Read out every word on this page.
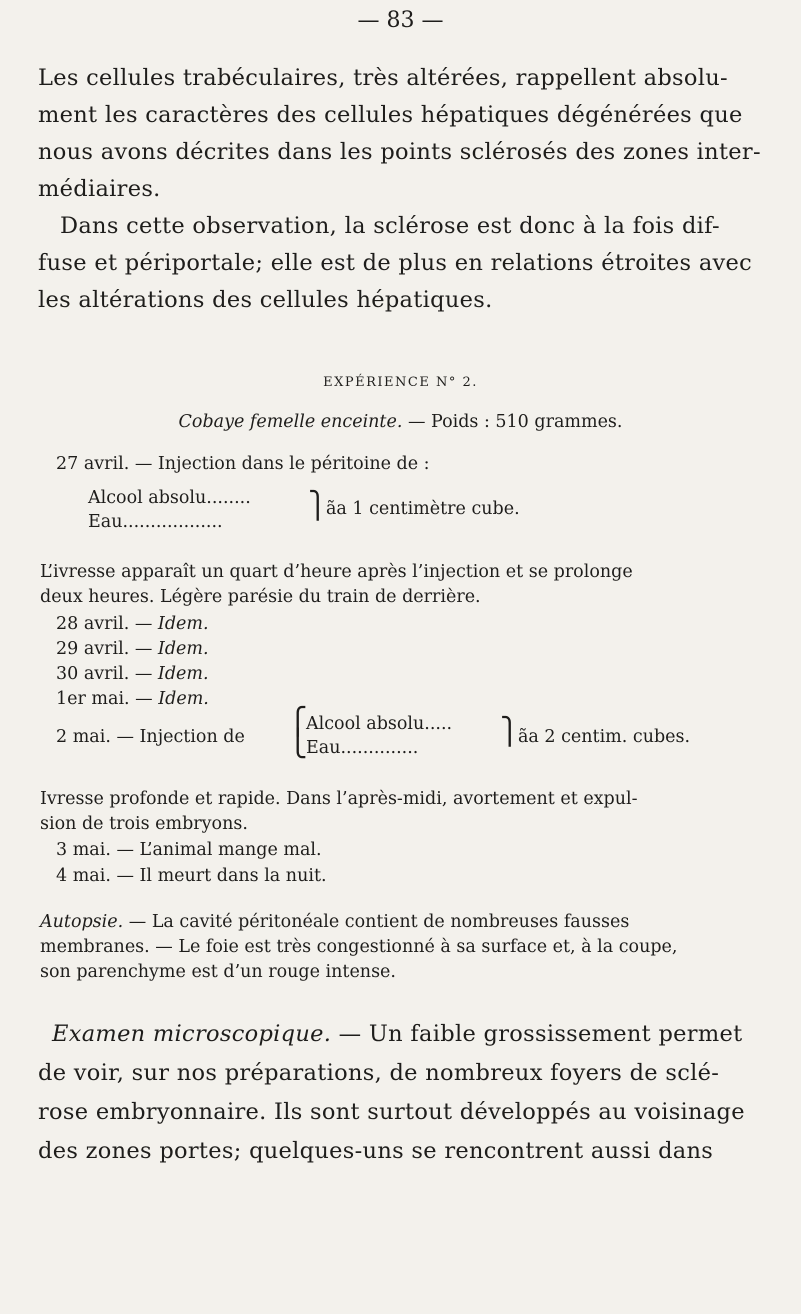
— 83 —

Les cellules trabéculaires, très altérées, rappellent absolu-

ment les caractères des cellules hépatiques dégénérées que

nous avons décrites dans les points sclérosés des zones inter-

médiaires.

Dans cette observation, la sclérose est donc à la fois dif-

fuse et périportale; elle est de plus en relations étroites avec

les altérations des cellules hépatiques.

EXPÉRIENCE N° 2.
Cobaye femelle enceinte. — Poids : 510 grammes.
27 avril. — Injection dans le péritoine de :
Alcool absolu........
Eau..................
⎫
ãa 1 centimètre cube.

L’ivresse apparaît un quart d’heure après l’injection et se prolonge

deux heures. Légère parésie du train de derrière.

28 avril. — Idem.
29 avril. — Idem.
30 avril. — Idem.
1er mai. — Idem.
2 mai. — Injection de ⎧
⎩
Alcool absolu.....
Eau..............
⎫
ãa 2 centim. cubes.

Ivresse profonde et rapide. Dans l’après-midi, avortement et expul-

sion de trois embryons.

3 mai. — L’animal mange mal.
4 mai. — Il meurt dans la nuit.

Autopsie. — La cavité péritonéale contient de nombreuses fausses

membranes. — Le foie est très congestionné à sa surface et, à la coupe,

son parenchyme est d’un rouge intense.

Examen microscopique. — Un faible grossissement permet

de voir, sur nos préparations, de nombreux foyers de sclé-

rose embryonnaire. Ils sont surtout développés au voisinage

des zones portes; quelques-uns se rencontrent aussi dans
